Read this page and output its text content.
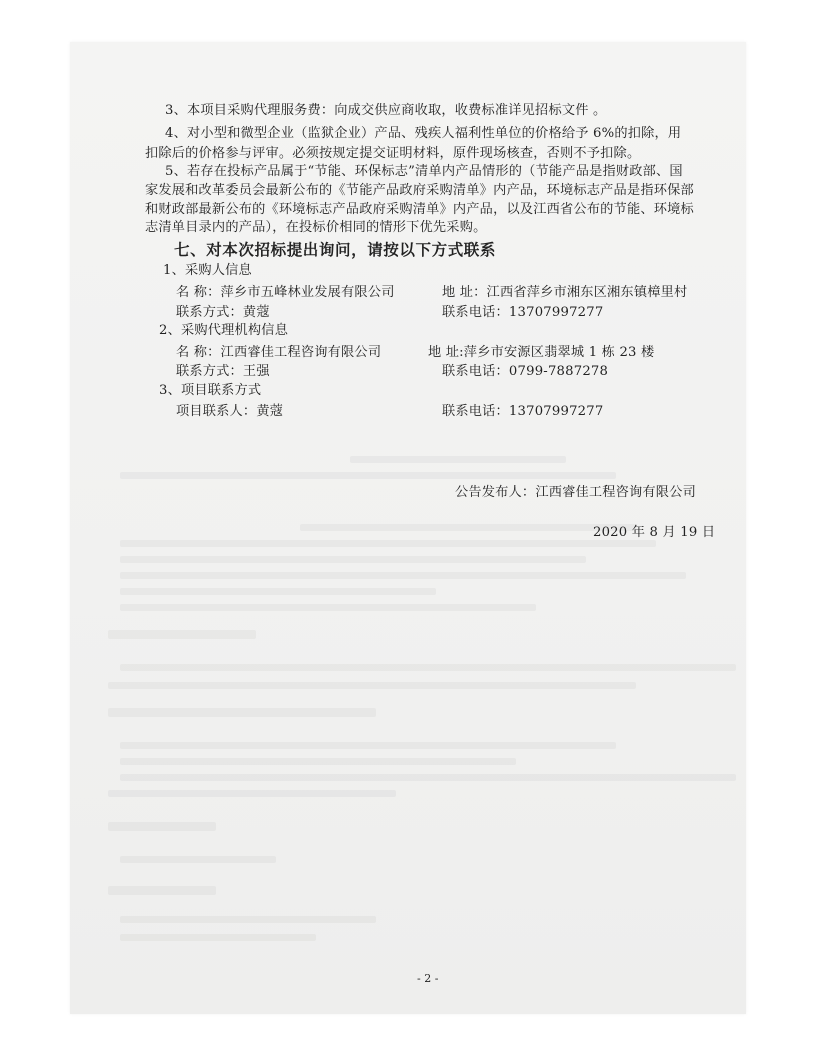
3、本项目采购代理服务费：向成交供应商收取，收费标准详见招标文件 。
4、对小型和微型企业（监狱企业）产品、残疾人福利性单位的价格给予 6%的扣除，用
扣除后的价格参与评审。必须按规定提交证明材料，原件现场核查，否则不予扣除。
5、若存在投标产品属于“节能、环保标志”清单内产品情形的（节能产品是指财政部、国
家发展和改革委员会最新公布的《节能产品政府采购清单》内产品，环境标志产品是指环保部
和财政部最新公布的《环境标志产品政府采购清单》内产品，以及江西省公布的节能、环境标
志清单目录内的产品），在投标价相同的情形下优先采购。
七、对本次招标提出询问，请按以下方式联系
1、采购人信息
名 称：萍乡市五峰林业发展有限公司	地 址：江西省萍乡市湘东区湘东镇樟里村
联系方式：黄蔻	联系电话：13707997277
2、采购代理机构信息
名 称：江西睿佳工程咨询有限公司	地 址:萍乡市安源区翡翠城 1 栋 23 楼
联系方式：王强	联系电话：0799-7887278
3、项目联系方式
项目联系人：黄蔻	联系电话：13707997277
公告发布人：江西睿佳工程咨询有限公司
2020 年 8 月 19 日
- 2 -
